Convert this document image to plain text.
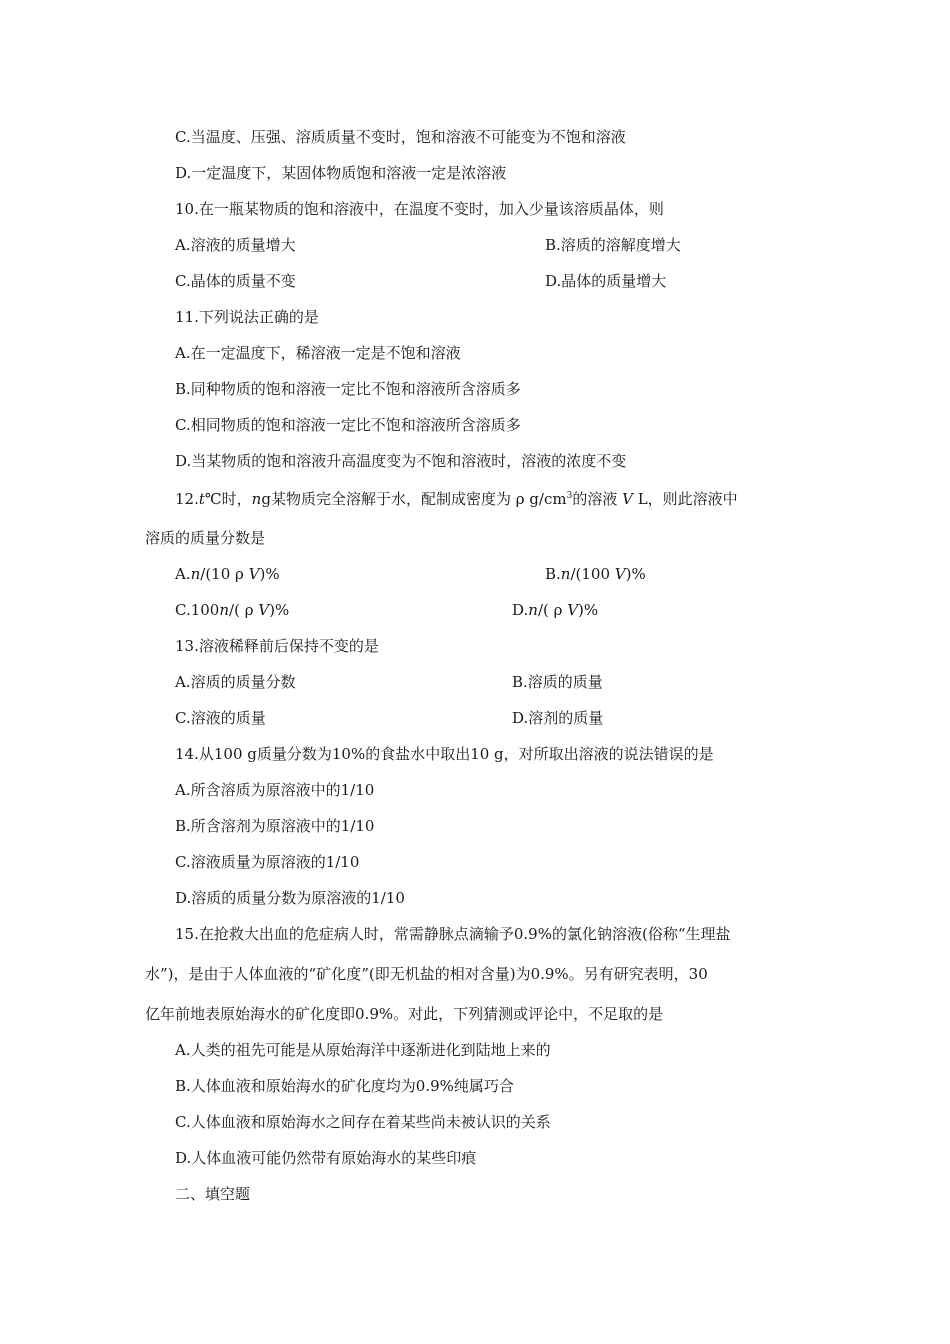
C.当温度、压强、溶质质量不变时，饱和溶液不可能变为不饱和溶液
D.一定温度下，某固体物质饱和溶液一定是浓溶液
10.在一瓶某物质的饱和溶液中，在温度不变时，加入少量该溶质晶体，则
A.溶液的质量增大	B.溶质的溶解度增大
C.晶体的质量不变	D.晶体的质量增大
11.下列说法正确的是
A.在一定温度下，稀溶液一定是不饱和溶液
B.同种物质的饱和溶液一定比不饱和溶液所含溶质多
C.相同物质的饱和溶液一定比不饱和溶液所含溶质多
D.当某物质的饱和溶液升高温度变为不饱和溶液时，溶液的浓度不变
12.t℃时，ng某物质完全溶解于水，配制成密度为 ρ $g/cm^3$的溶液 V L，则此溶液中
溶质的质量分数是
A.n/(10 ρ V)%	B.n/(100 V)%
C.100n/( ρ V)%	D.n/( ρ V)%
13.溶液稀释前后保持不变的是
A.溶质的质量分数	B.溶质的质量
C.溶液的质量	D.溶剂的质量
14.从100 g质量分数为10%的食盐水中取出10 g，对所取出溶液的说法错误的是
A.所含溶质为原溶液中的1/10
B.所含溶剂为原溶液中的1/10
C.溶液质量为原溶液的1/10
D.溶质的质量分数为原溶液的1/10
15.在抢救大出血的危症病人时，常需静脉点滴输予0.9%的氯化钠溶液(俗称“生理盐
水”)，是由于人体血液的“矿化度”(即无机盐的相对含量)为0.9%。另有研究表明，30
亿年前地表原始海水的矿化度即0.9%。对此，下列猜测或评论中，不足取的是
A.人类的祖先可能是从原始海洋中逐渐进化到陆地上来的
B.人体血液和原始海水的矿化度均为0.9%纯属巧合
C.人体血液和原始海水之间存在着某些尚未被认识的关系
D.人体血液可能仍然带有原始海水的某些印痕
二、填空题
